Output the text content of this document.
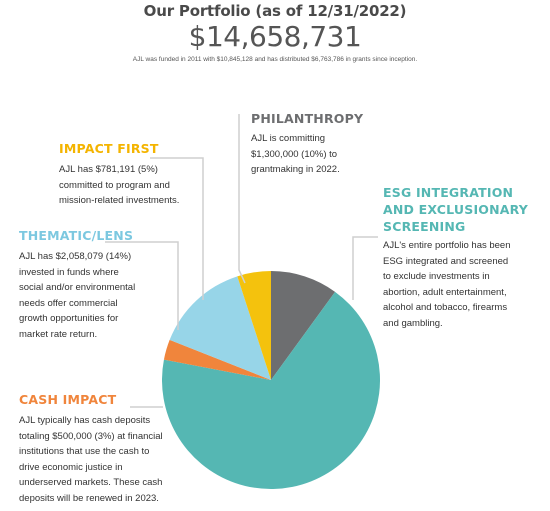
Our Portfolio (as of 12/31/2022)
$14,658,731
AJL was funded in 2011 with $10,845,128 and has distributed $6,763,786 in grants since inception.
PHILANTHROPY
AJL is committing
$1,300,000 (10%) to
grantmaking in 2022.
IMPACT FIRST
AJL has $781,191 (5%)
committed to program and
mission-related investments.
ESG INTEGRATION
AND EXCLUSIONARY
SCREENING
AJL's entire portfolio has been
ESG integrated and screened
to exclude investments in
abortion, adult entertainment,
alcohol and tobacco, firearms
and gambling.
THEMATIC/LENS
AJL has $2,058,079 (14%)
invested in funds where
social and/or environmental
needs offer commercial
growth opportunities for
market rate return.
CASH IMPACT
AJL typically has cash deposits
totaling $500,000 (3%) at financial
institutions that use the cash to
drive economic justice in
underserved markets. These cash
deposits will be renewed in 2023.
